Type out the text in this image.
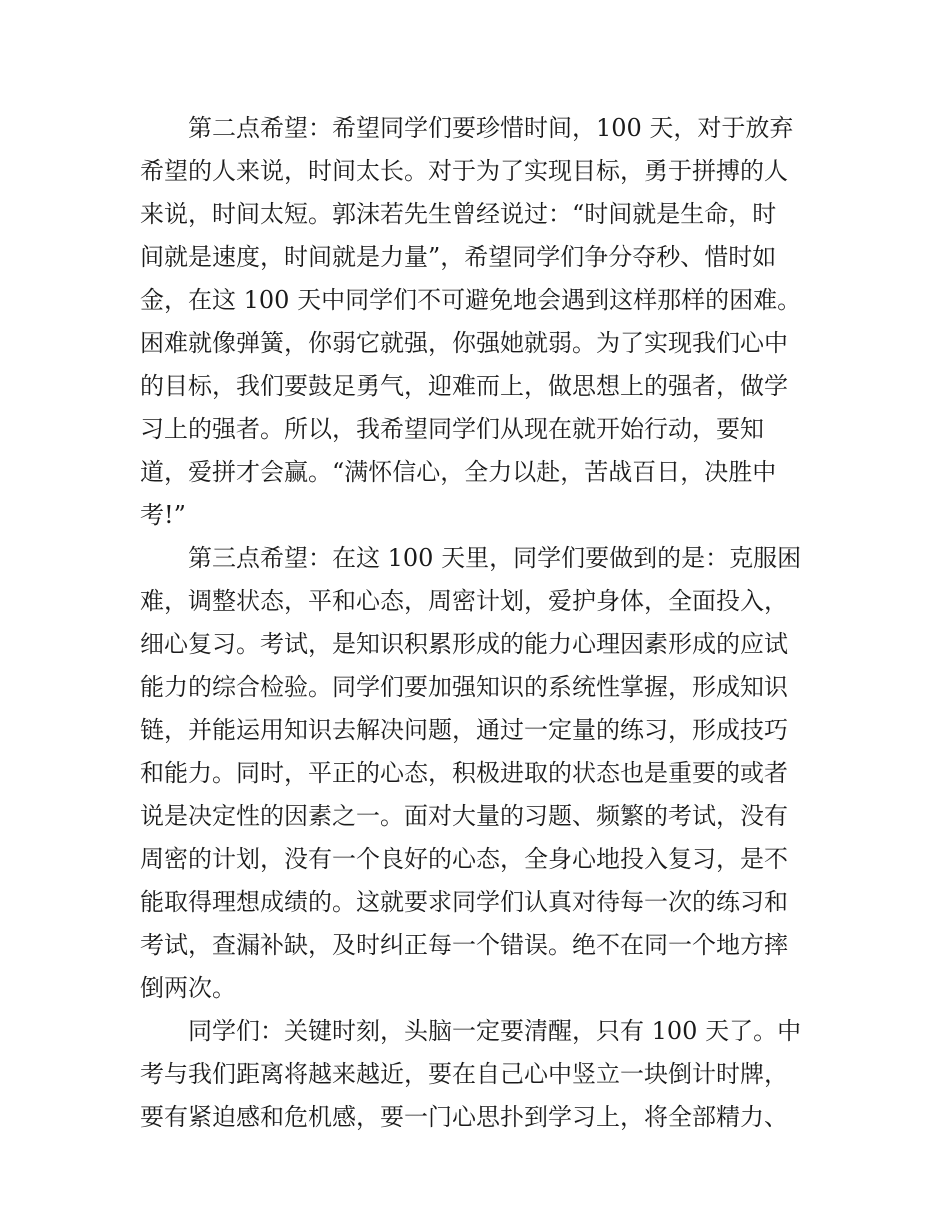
第二点希望：希望同学们要珍惜时间，100 天，对于放弃
希望的人来说，时间太长。对于为了实现目标，勇于拼搏的人
来说，时间太短。郭沫若先生曾经说过：“时间就是生命，时
间就是速度，时间就是力量”，希望同学们争分夺秒、惜时如
金，在这 100 天中同学们不可避免地会遇到这样那样的困难。
困难就像弹簧，你弱它就强，你强她就弱。为了实现我们心中
的目标，我们要鼓足勇气，迎难而上，做思想上的强者，做学
习上的强者。所以，我希望同学们从现在就开始行动，要知
道，爱拼才会赢。“满怀信心，全力以赴，苦战百日，决胜中
考!”

第三点希望：在这 100 天里，同学们要做到的是：克服困
难，调整状态，平和心态，周密计划，爱护身体，全面投入，
细心复习。考试，是知识积累形成的能力心理因素形成的应试
能力的综合检验。同学们要加强知识的系统性掌握，形成知识
链，并能运用知识去解决问题，通过一定量的练习，形成技巧
和能力。同时，平正的心态，积极进取的状态也是重要的或者
说是决定性的因素之一。面对大量的习题、频繁的考试，没有
周密的计划，没有一个良好的心态，全身心地投入复习，是不
能取得理想成绩的。这就要求同学们认真对待每一次的练习和
考试，查漏补缺，及时纠正每一个错误。绝不在同一个地方摔
倒两次。

同学们：关键时刻，头脑一定要清醒，只有 100 天了。中
考与我们距离将越来越近，要在自己心中竖立一块倒计时牌，
要有紧迫感和危机感，要一门心思扑到学习上，将全部精力、
